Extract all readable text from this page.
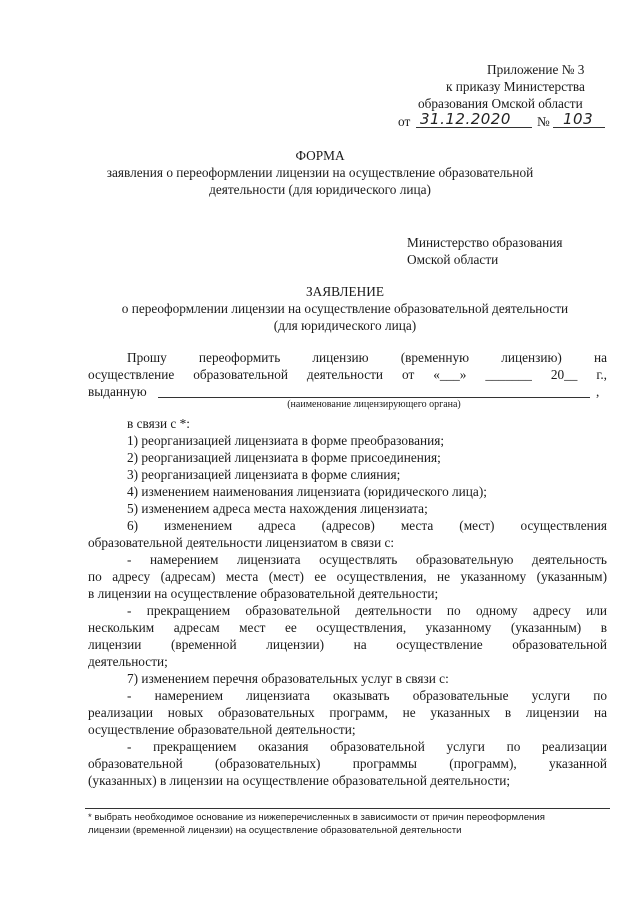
Приложение № 3
к приказу Министерства
образования Омской области
от 31.12.2020 № 103
ФОРМА
заявления о переоформлении лицензии на осуществление образовательной
деятельности (для юридического лица)
Министерство образования
Омской области
ЗАЯВЛЕНИЕ
о переоформлении лицензии на осуществление образовательной деятельности
(для юридического лица)
Прошу переоформить лицензию (временную лицензию) на
осуществление образовательной деятельности от «___» _______ 20__ г.,
выданную	,
(наименование лицензирующего органа)
в связи с *:
1) реорганизацией лицензиата в форме преобразования;
2) реорганизацией лицензиата в форме присоединения;
3) реорганизацией лицензиата в форме слияния;
4) изменением наименования лицензиата (юридического лица);
5) изменением адреса места нахождения лицензиата;
6) изменением адреса (адресов) места (мест) осуществления
образовательной деятельности лицензиатом в связи с:
- намерением лицензиата осуществлять образовательную деятельность
по адресу (адресам) места (мест) ее осуществления, не указанному (указанным)
в лицензии на осуществление образовательной деятельности;
- прекращением образовательной деятельности по одному адресу или
нескольким адресам мест ее осуществления, указанному (указанным) в
лицензии (временной лицензии) на осуществление образовательной
деятельности;
7) изменением перечня образовательных услуг в связи с:
- намерением лицензиата оказывать образовательные услуги по
реализации новых образовательных программ, не указанных в лицензии на
осуществление образовательной деятельности;
- прекращением оказания образовательной услуги по реализации
образовательной (образовательных) программы (программ), указанной
(указанных) в лицензии на осуществление образовательной деятельности;
* выбрать необходимое основание из нижеперечисленных в зависимости от причин переоформления
лицензии (временной лицензии) на осуществление образовательной деятельности
